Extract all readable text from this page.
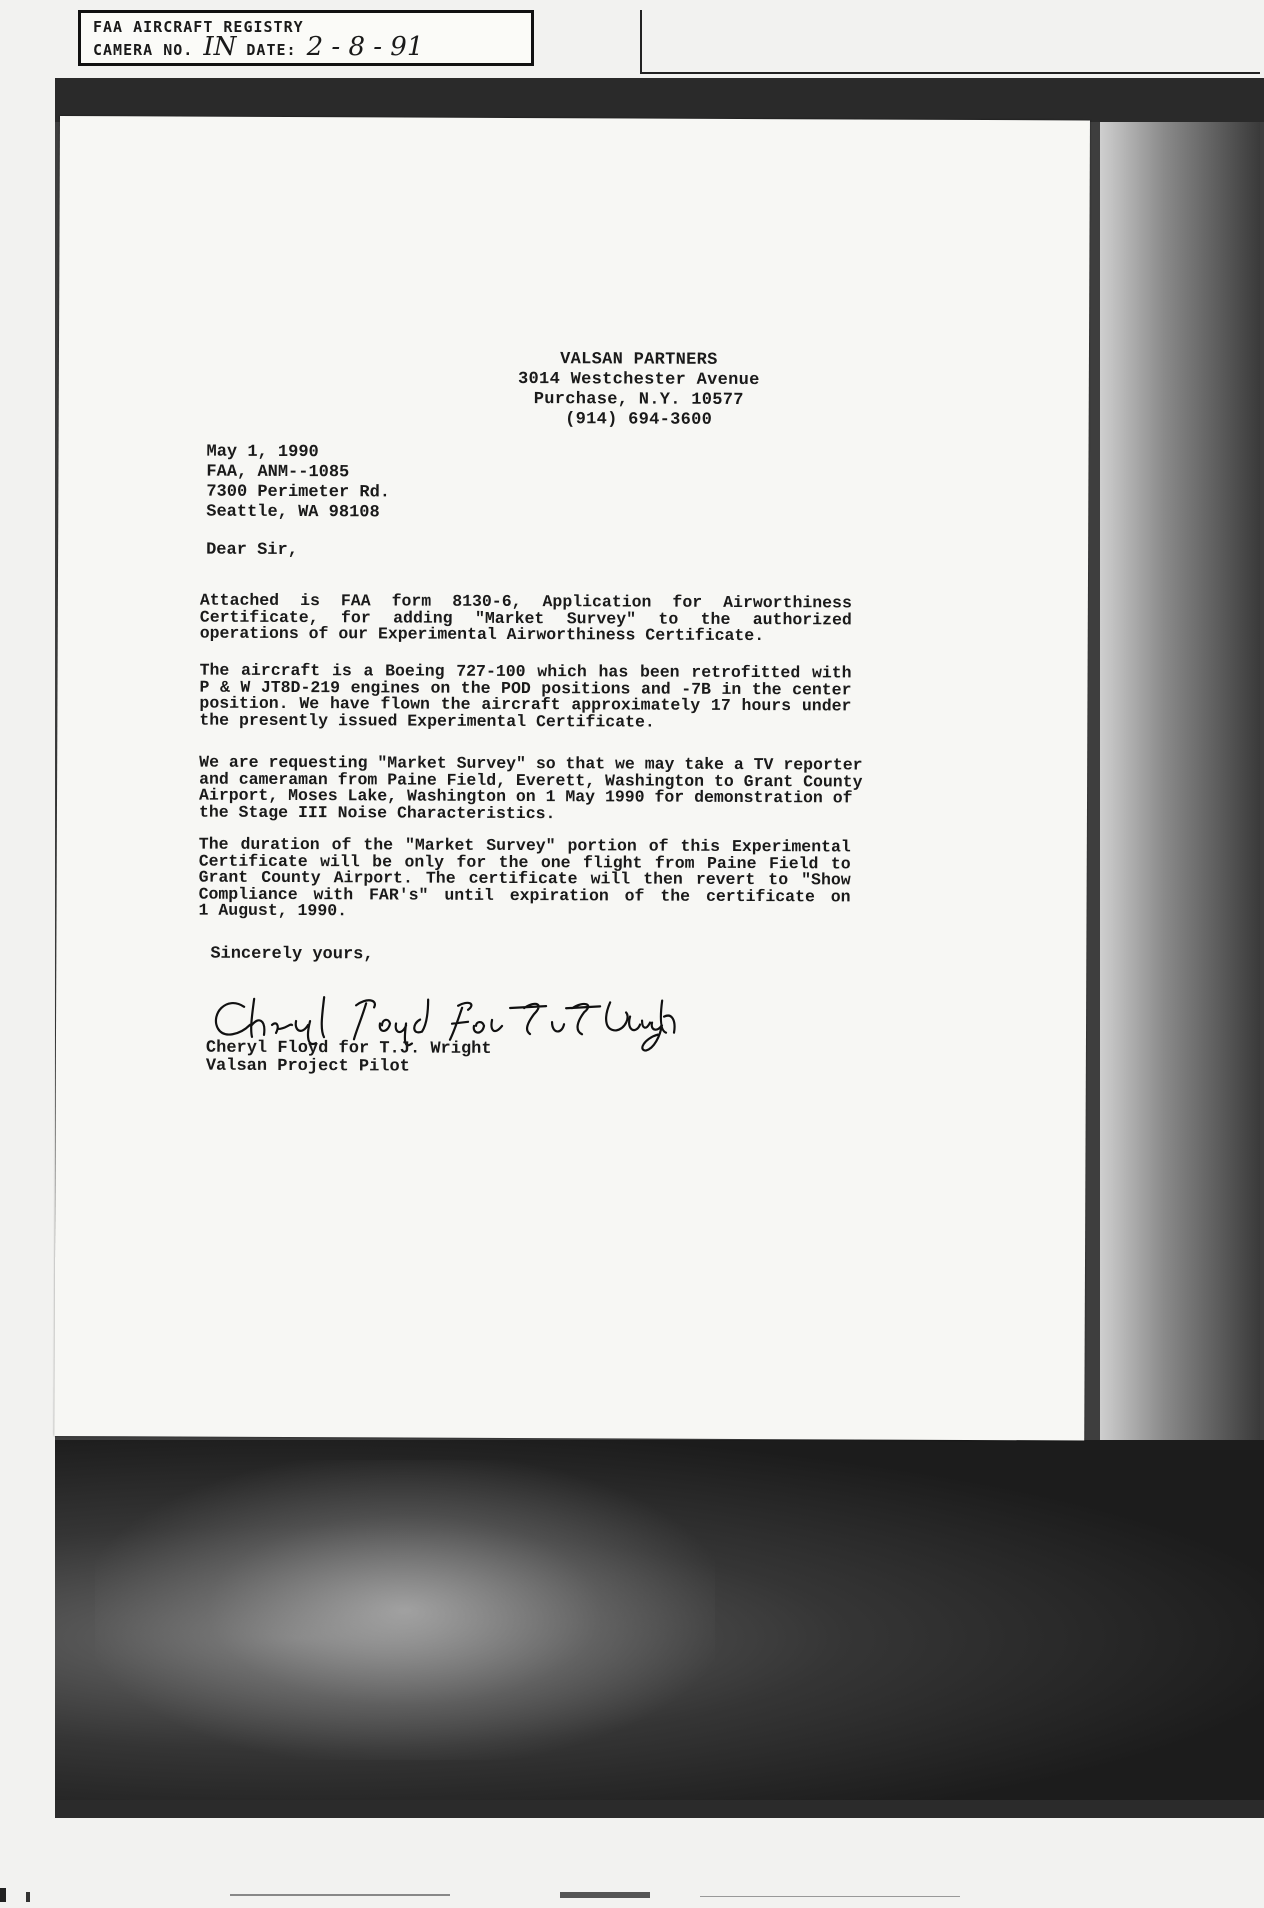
FAA AIRCRAFT REGISTRY
CAMERA NO. IN DATE: 2 - 8 - 91
VALSAN PARTNERS
3014 Westchester Avenue
Purchase, N.Y. 10577
(914) 694-3600
May 1, 1990
FAA, ANM--1085
7300 Perimeter Rd.
Seattle, WA 98108
Dear Sir,
Attached is FAA form 8130-6, Application for Airworthiness
Certificate, for adding "Market Survey" to the authorized
operations of our Experimental Airworthiness Certificate.
The aircraft is a Boeing 727-100 which has been retrofitted with
P & W JT8D-219 engines on the POD positions and -7B in the center
position. We have flown the aircraft approximately 17 hours under
the presently issued Experimental Certificate.
We are requesting "Market Survey" so that we may take a TV reporter
and cameraman from Paine Field, Everett, Washington to Grant County
Airport, Moses Lake, Washington on 1 May 1990 for demonstration of
the Stage III Noise Characteristics.
The duration of the "Market Survey" portion of this Experimental
Certificate will be only for the one flight from Paine Field to
Grant County Airport. The certificate will then revert to "Show
Compliance with FAR's" until expiration of the certificate on
1 August, 1990.
Sincerely yours,
Cheryl Floyd for T.J. Wright
Valsan Project Pilot
